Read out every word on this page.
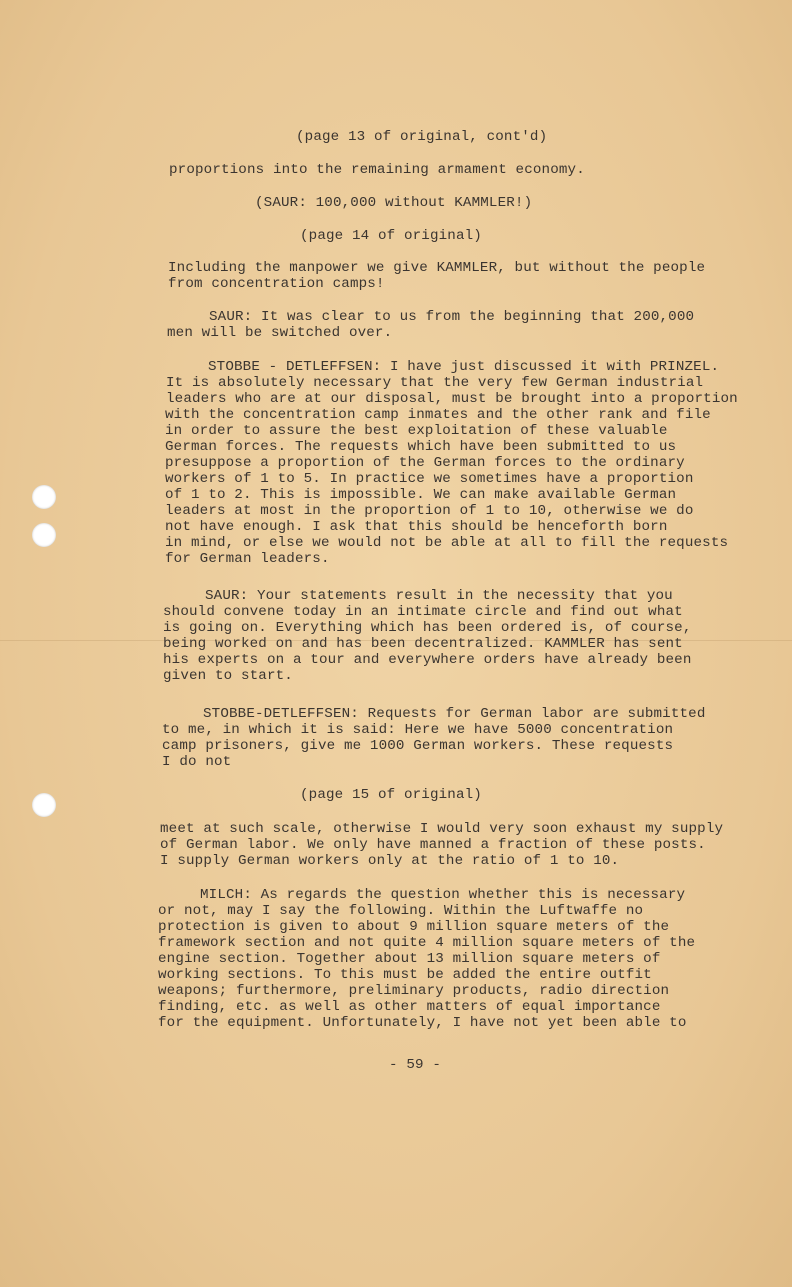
(page 13 of original, cont'd)
proportions into the remaining armament economy.
(SAUR: 100,000 without KAMMLER!)
(page 14 of original)
Including the manpower we give KAMMLER, but without the people
from concentration camps!
SAUR: It was clear to us from the beginning that 200,000
men will be switched over.
STOBBE - DETLEFFSEN: I have just discussed it with PRINZEL.
It is absolutely necessary that the very few German industrial
leaders who are at our disposal, must be brought into a proportion
with the concentration camp inmates and the other rank and file
in order to assure the best exploitation of these valuable
German forces. The requests which have been submitted to us
presuppose a proportion of the German forces to the ordinary
workers of 1 to 5. In practice we sometimes have a proportion
of 1 to 2. This is impossible. We can make available German
leaders at most in the proportion of 1 to 10, otherwise we do
not have enough. I ask that this should be henceforth born
in mind, or else we would not be able at all to fill the requests
for German leaders.
SAUR: Your statements result in the necessity that you
should convene today in an intimate circle and find out what
is going on. Everything which has been ordered is, of course,
being worked on and has been decentralized. KAMMLER has sent
his experts on a tour and everywhere orders have already been
given to start.
STOBBE-DETLEFFSEN: Requests for German labor are submitted
to me, in which it is said: Here we have 5000 concentration
camp prisoners, give me 1000 German workers. These requests
I do not
(page 15 of original)
meet at such scale, otherwise I would very soon exhaust my supply
of German labor. We only have manned a fraction of these posts.
I supply German workers only at the ratio of 1 to 10.
MILCH: As regards the question whether this is necessary
or not, may I say the following. Within the Luftwaffe no
protection is given to about 9 million square meters of the
framework section and not quite 4 million square meters of the
engine section. Together about 13 million square meters of
working sections. To this must be added the entire outfit
weapons; furthermore, preliminary products, radio direction
finding, etc. as well as other matters of equal importance
for the equipment. Unfortunately, I have not yet been able to
- 59 -
